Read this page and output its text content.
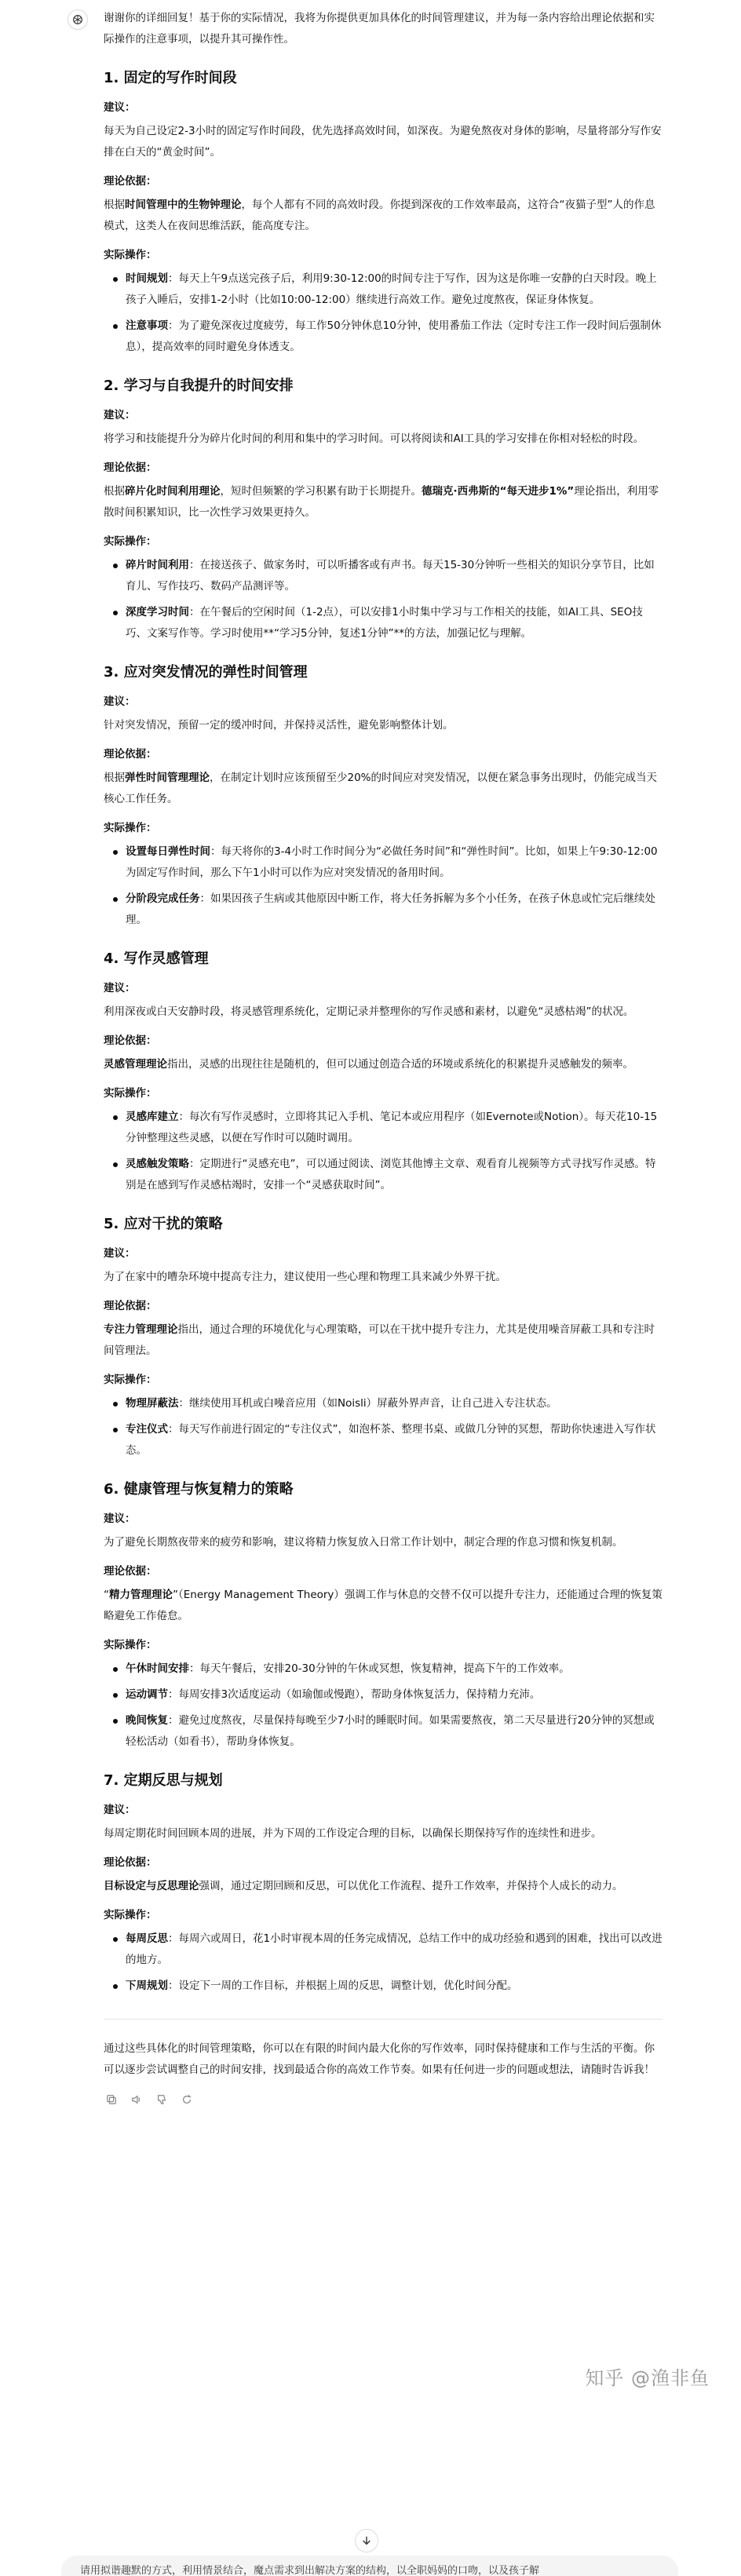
谢谢你的详细回复！基于你的实际情况，我将为你提供更加具体化的时间管理建议，并为每一条内容给出理论依据和实际操作的注意事项，以提升其可操作性。

1. 固定的写作时间段
建议：

每天为自己设定2-3小时的固定写作时间段，优先选择高效时间，如深夜。为避免熬夜对身体的影响，尽量将部分写作安排在白天的“黄金时间”。

理论依据：

根据时间管理中的生物钟理论，每个人都有不同的高效时段。你提到深夜的工作效率最高，这符合“夜猫子型”人的作息模式，这类人在夜间思维活跃，能高度专注。

实际操作：
时间规划：每天上午9点送完孩子后，利用9:30-12:00的时间专注于写作，因为这是你唯一安静的白天时段。晚上孩子入睡后，安排1-2小时（比如10:00-12:00）继续进行高效工作。避免过度熬夜，保证身体恢复。
注意事项：为了避免深夜过度疲劳，每工作50分钟休息10分钟，使用番茄工作法（定时专注工作一段时间后强制休息），提高效率的同时避免身体透支。
2. 学习与自我提升的时间安排
建议：

将学习和技能提升分为碎片化时间的利用和集中的学习时间。可以将阅读和AI工具的学习安排在你相对轻松的时段。

理论依据：

根据碎片化时间利用理论，短时但频繁的学习积累有助于长期提升。德瑞克·西弗斯的“每天进步1%”理论指出，利用零散时间积累知识，比一次性学习效果更持久。

实际操作：
碎片时间利用：在接送孩子、做家务时，可以听播客或有声书。每天15-30分钟听一些相关的知识分享节目，比如育儿、写作技巧、数码产品测评等。
深度学习时间：在午餐后的空闲时间（1-2点），可以安排1小时集中学习与工作相关的技能，如AI工具、SEO技巧、文案写作等。学习时使用**“学习5分钟，复述1分钟”**的方法，加强记忆与理解。
3. 应对突发情况的弹性时间管理
建议：

针对突发情况，预留一定的缓冲时间，并保持灵活性，避免影响整体计划。

理论依据：

根据弹性时间管理理论，在制定计划时应该预留至少20%的时间应对突发情况，以便在紧急事务出现时，仍能完成当天核心工作任务。

实际操作：
设置每日弹性时间：每天将你的3-4小时工作时间分为“必做任务时间”和“弹性时间”。比如，如果上午9:30-12:00为固定写作时间，那么下午1小时可以作为应对突发情况的备用时间。
分阶段完成任务：如果因孩子生病或其他原因中断工作，将大任务拆解为多个小任务，在孩子休息或忙完后继续处理。
4. 写作灵感管理
建议：

利用深夜或白天安静时段，将灵感管理系统化，定期记录并整理你的写作灵感和素材，以避免“灵感枯竭”的状况。

理论依据：

灵感管理理论指出，灵感的出现往往是随机的，但可以通过创造合适的环境或系统化的积累提升灵感触发的频率。

实际操作：
灵感库建立：每次有写作灵感时，立即将其记入手机、笔记本或应用程序（如Evernote或Notion）。每天花10-15分钟整理这些灵感，以便在写作时可以随时调用。
灵感触发策略：定期进行“灵感充电”，可以通过阅读、浏览其他博主文章、观看育儿视频等方式寻找写作灵感。特别是在感到写作灵感枯竭时，安排一个“灵感获取时间”。
5. 应对干扰的策略
建议：

为了在家中的嘈杂环境中提高专注力，建议使用一些心理和物理工具来减少外界干扰。

理论依据：

专注力管理理论指出，通过合理的环境优化与心理策略，可以在干扰中提升专注力，尤其是使用噪音屏蔽工具和专注时间管理法。

实际操作：
物理屏蔽法：继续使用耳机或白噪音应用（如Noisli）屏蔽外界声音，让自己进入专注状态。
专注仪式：每天写作前进行固定的“专注仪式”，如泡杯茶、整理书桌、或做几分钟的冥想，帮助你快速进入写作状态。
6. 健康管理与恢复精力的策略
建议：

为了避免长期熬夜带来的疲劳和影响，建议将精力恢复放入日常工作计划中，制定合理的作息习惯和恢复机制。

理论依据：

“精力管理理论”（Energy Management Theory）强调工作与休息的交替不仅可以提升专注力，还能通过合理的恢复策略避免工作倦怠。

实际操作：
午休时间安排：每天午餐后，安排20-30分钟的午休或冥想，恢复精神，提高下午的工作效率。
运动调节：每周安排3次适度运动（如瑜伽或慢跑），帮助身体恢复活力，保持精力充沛。
晚间恢复：避免过度熬夜，尽量保持每晚至少7小时的睡眠时间。如果需要熬夜，第二天尽量进行20分钟的冥想或轻松活动（如看书），帮助身体恢复。
7. 定期反思与规划
建议：

每周定期花时间回顾本周的进展，并为下周的工作设定合理的目标，以确保长期保持写作的连续性和进步。

理论依据：

目标设定与反思理论强调，通过定期回顾和反思，可以优化工作流程、提升工作效率，并保持个人成长的动力。

实际操作：
每周反思：每周六或周日，花1小时审视本周的任务完成情况，总结工作中的成功经验和遇到的困难，找出可以改进的地方。
下周规划：设定下一周的工作目标，并根据上周的反思，调整计划，优化时间分配。

通过这些具体化的时间管理策略，你可以在有限的时间内最大化你的写作效率，同时保持健康和工作与生活的平衡。你可以逐步尝试调整自己的时间安排，找到最适合你的高效工作节奏。如果有任何进一步的问题或想法，请随时告诉我！

知乎 @渔非鱼
请用拟谐趣默的方式，利用情景结合，魔点需求到出解决方案的结构，以全职妈妈的口吻，以及孩子解
